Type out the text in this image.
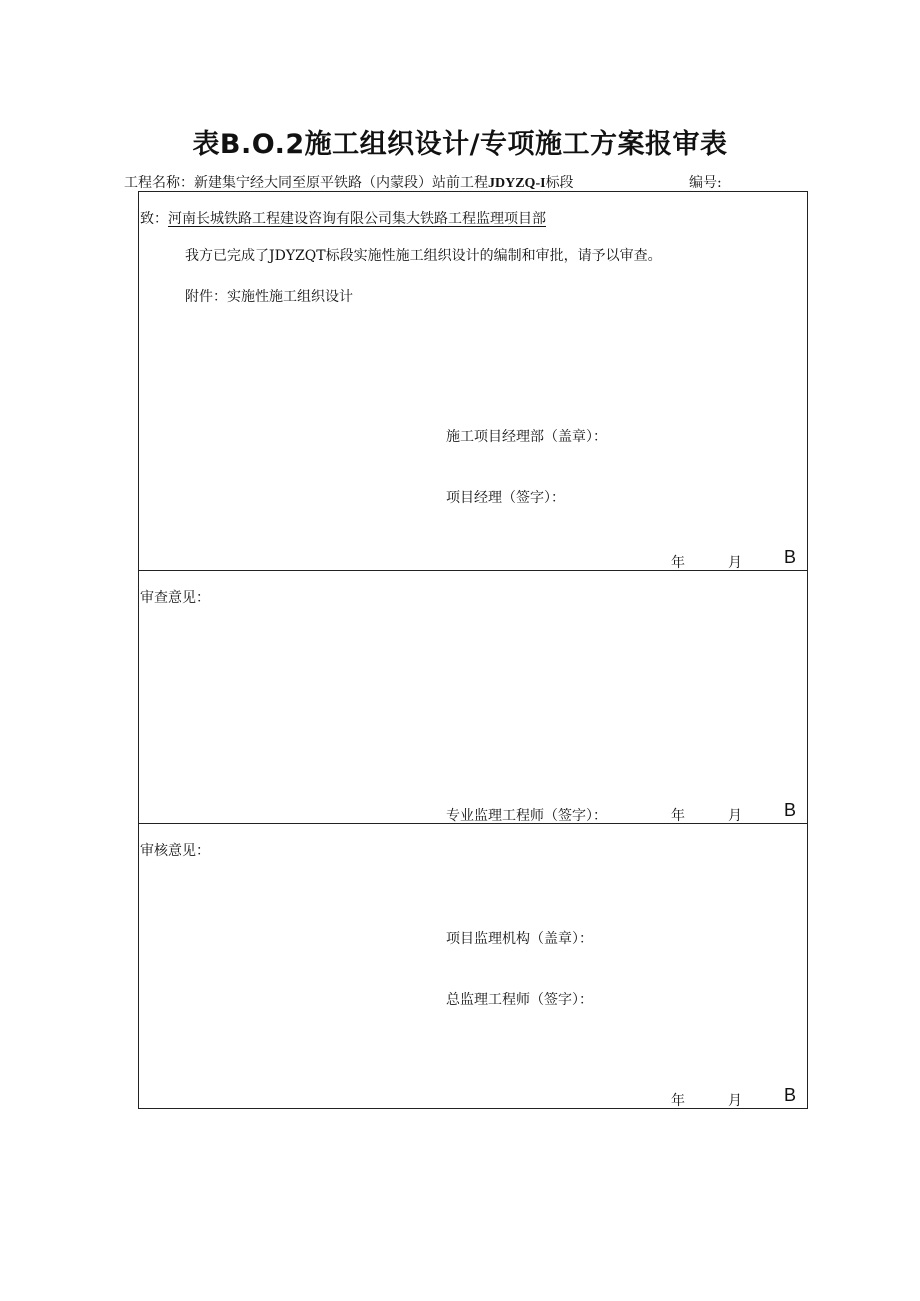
表B.O.2施工组织设计/专项施工方案报审表
工程名称：新建集宁经大同至原平铁路（内蒙段）站前工程JDYZQ-I标段	编号:
致：河南长城铁路工程建设咨询有限公司集大铁路工程监理项目部
我方已完成了JDYZQT标段实施性施工组织设计的编制和审批，请予以审查。
附件：实施性施工组织设计
施工项目经理部（盖章）：
项目经理（签字）：
年	月 B
审查意见：
专业监理工程师（签字）：	年	月 B
审核意见：
项目监理机构（盖章）：
总监理工程师（签字）：
年	月 B
